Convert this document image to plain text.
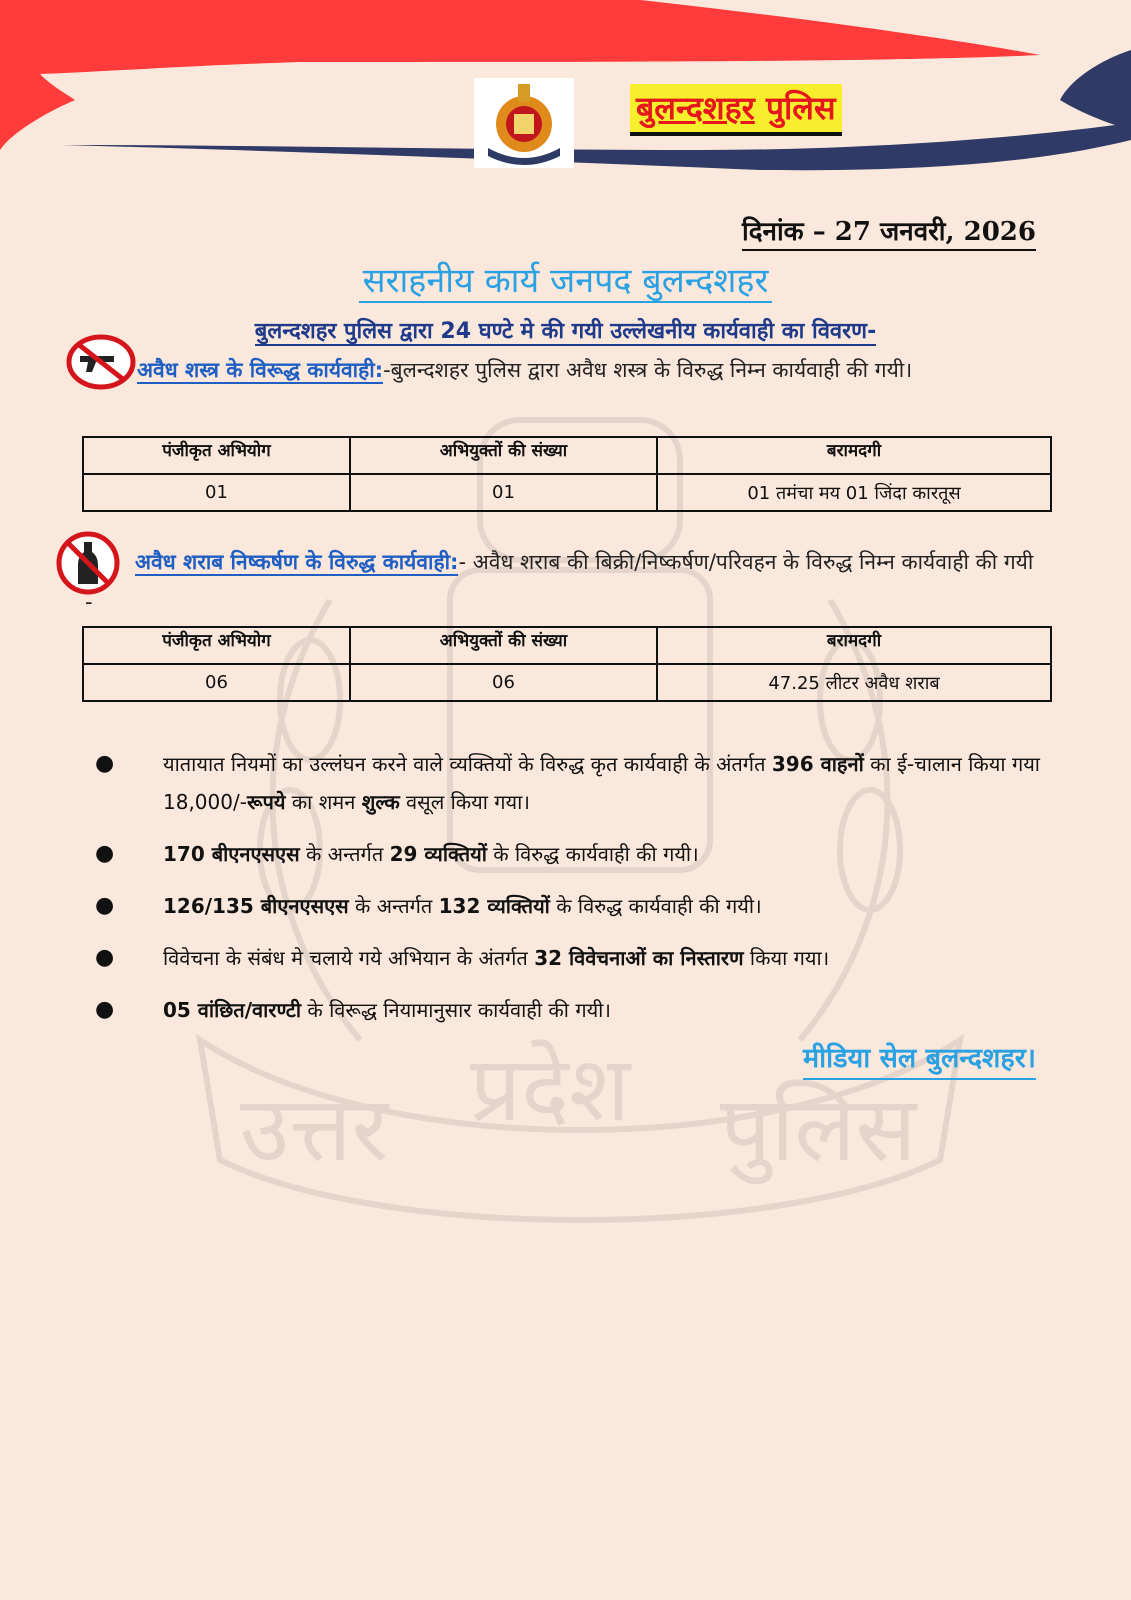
बुलन्दशहर पुलिस
उत्तर प्रदेश पुलिस
दिनांक – 27 जनवरी, 2026
सराहनीय कार्य जनपद बुलन्दशहर
बुलन्दशहर पुलिस द्वारा 24 घण्टे मे की गयी उल्लेखनीय कार्यवाही का विवरण-
अवैध शस्त्र के विरूद्ध कार्यवाही:-बुलन्दशहर पुलिस द्वारा अवैध शस्त्र के विरुद्ध निम्न कार्यवाही की गयी।
पंजीकृत अभियोग	अभियुक्तों की संख्या	बरामदगी
01	01	01 तमंचा मय 01 जिंदा कारतूस
अवैध शराब निष्कर्षण के विरुद्ध कार्यवाही:- अवैध शराब की बिक्री/निष्कर्षण/परिवहन के विरुद्ध निम्न कार्यवाही की गयी -
पंजीकृत अभियोग	अभियुक्तों की संख्या	बरामदगी
06	06	47.25 लीटर अवैध शराब
● यातायात नियमों का उल्लंघन करने वाले व्यक्तियों के विरुद्ध कृत कार्यवाही के अंतर्गत 396 वाहनों का ई-चालान किया गया 18,000/-रूपये का शमन शुल्क वसूल किया गया।
● 170 बीएनएसएस के अन्तर्गत 29 व्यक्तियों के विरुद्ध कार्यवाही की गयी।
● 126/135 बीएनएसएस के अन्तर्गत 132 व्यक्तियों के विरुद्ध कार्यवाही की गयी।
● विवेचना के संबंध मे चलाये गये अभियान के अंतर्गत 32 विवेचनाओं का निस्तारण किया गया।
● 05 वांछित/वारण्टी के विरूद्ध नियामानुसार कार्यवाही की गयी।
मीडिया सेल बुलन्दशहर।
